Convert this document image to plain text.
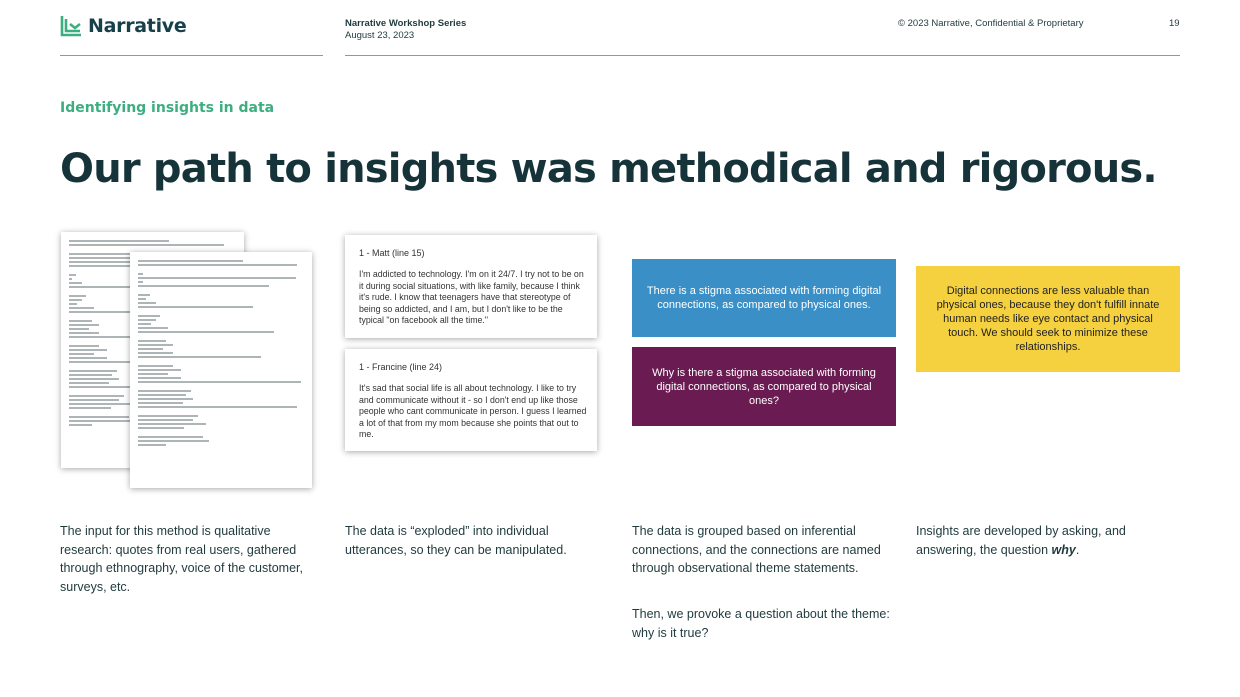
Narrative	Narrative Workshop Series
August 23, 2023
© 2023 Narrative, Confidential & Proprietary	19
Identifying insights in data
Our path to insights was methodical and rigorous.
1 - Matt (line 15)
I'm addicted to technology. I'm on it 24/7. I try not to be on it during social situations, with like family, because I think it's rude. I know that teenagers have that stereotype of being so addicted, and I am, but I don't like to be the typical "on facebook all the time."
1 - Francine (line 24)
It's sad that social life is all about technology. I like to try and communicate without it - so I don't end up like those people who cant communicate in person. I guess I learned a lot of that from my mom because she points that out to me.
There is a stigma associated with forming digital connections, as compared to physical ones.
Why is there a stigma associated with forming digital connections, as compared to physical ones?
Digital connections are less valuable than physical ones, because they don't fulfill innate human needs like eye contact and physical touch. We should seek to minimize these relationships.
The input for this method is qualitative research: quotes from real users, gathered through ethnography, voice of the customer, surveys, etc.
The data is “exploded” into individual utterances, so they can be manipulated.
The data is grouped based on inferential connections, and the connections are named through observational theme statements.
Then, we provoke a question about the theme: why is it true?
Insights are developed by asking, and answering, the question why.
